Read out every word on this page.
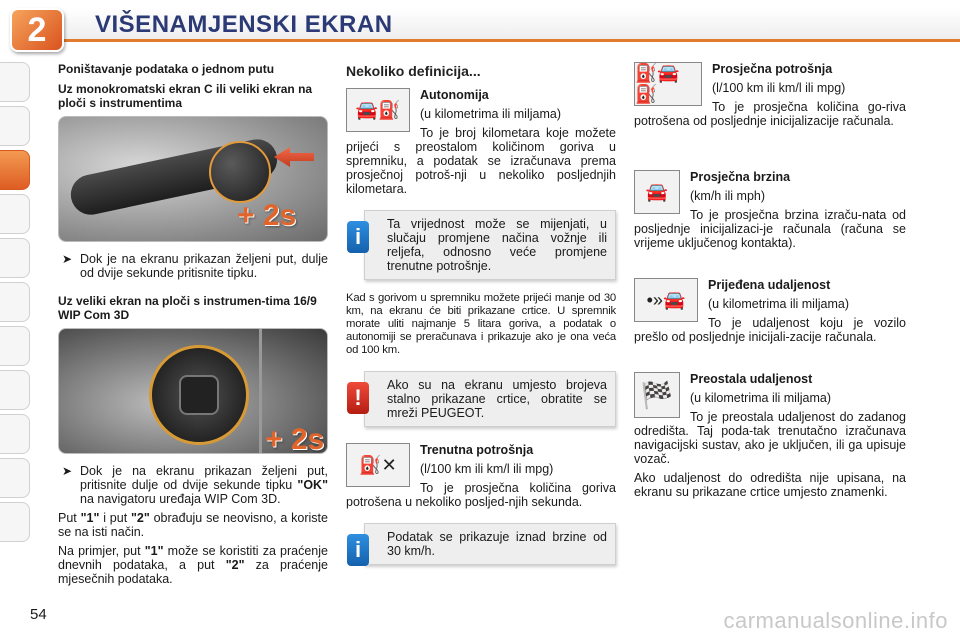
2	VIŠENAMJENSKI EKRAN
Poništavanje podataka o jednom putu
Uz monokromatski ekran C ili veliki ekran na ploči s instrumentima
+ 2s
➤ Dok je na ekranu prikazan željeni put, dulje od dvije sekunde pritisnite tipku.

Uz veliki ekran na ploči s instrumen-tima 16/9 WIP Com 3D
+ 2s
➤ Dok je na ekranu prikazan željeni put, pritisnite dulje od dvije sekunde tipku "OK" na navigatoru uređaja WIP Com 3D.

Put "1" i put "2" obrađuju se neovisno, a koriste se na isti način.

Na primjer, put "1" može se koristiti za praćenje dnevnih podataka, a put "2" za praćenje mjesečnih podataka.

Nekoliko definicija...
🚘⛽
Autonomija

(u kilometrima ili miljama)

To je broj kilometara koje možete prijeći s preostalom količinom goriva u spremniku, a podatak se izračunava prema prosječnoj potroš-nji u nekoliko posljednjih kilometara.

i	Ta vrijednost može se mijenjati, u slučaju promjene načina vožnje ili reljefa, odnosno veće promjene trenutne potrošnje.

Kad s gorivom u spremniku možete prijeći manje od 30 km, na ekranu će biti prikazane crtice. U spremnik morate uliti najmanje 5 litara goriva, a podatak o autonomiji se preračunava i prikazuje ako je ona veća od 100 km.

!	Ako su na ekranu umjesto brojeva stalno prikazane crtice, obratite se mreži PEUGEOT.

⛽✕
Trenutna potrošnja

(l/100 km ili km/l ili mpg)

To je prosječna količina goriva potrošena u nekoliko posljed-njih sekunda.

i	Podatak se prikazuje iznad brzine od 30 km/h.

⛽🚘⛽
Prosječna potrošnja

(l/100 km ili km/l ili mpg)

To je prosječna količina go-riva potrošena od posljednje inicijalizacije računala.

🚘
Prosječna brzina

(km/h ili mph)

To je prosječna brzina izraču-nata od posljednje inicijalizaci-je računala (računa se vrijeme uključenog kontakta).

•»🚘
Prijeđena udaljenost

(u kilometrima ili miljama)

To je udaljenost koju je vozilo prešlo od posljednje inicijali-zacije računala.

🏁
Preostala udaljenost

(u kilometrima ili miljama)

To je preostala udaljenost do zadanog odredišta. Taj poda-tak trenutačno izračunava navigacijski sustav, ako je uključen, ili ga upisuje vozač.

Ako udaljenost do odredišta nije upisana, na ekranu su prikazane crtice umjesto znamenki.

54	carmanualsonline.info
